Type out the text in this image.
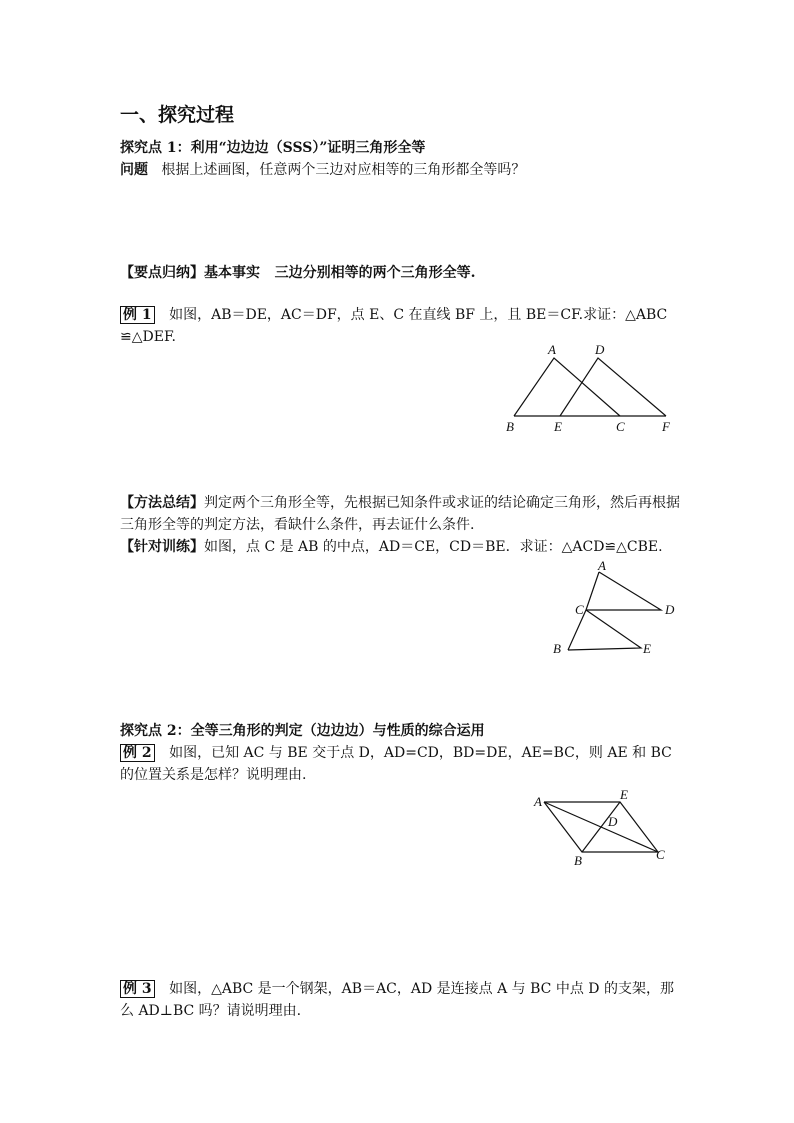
一、探究过程
探究点 1：利用“边边边（SSS）”证明三角形全等
问题 根据上述画图，任意两个三边对应相等的三角形都全等吗？
【要点归纳】基本事实 三边分别相等的两个三角形全等.
例 1 如图，AB＝DE，AC＝DF，点 E、C 在直线 BF 上，且 BE＝CF.求证：△ABC ≌△DEF.
A	D
B	E	C	F
【方法总结】判定两个三角形全等，先根据已知条件或求证的结论确定三角形，然后再根据三角形全等的判定方法，看缺什么条件，再去证什么条件.
【针对训练】如图，点 C 是 AB 的中点，AD＝CE，CD＝BE．求证：△ACD≌△CBE.
A
C	D
B	E
探究点 2：全等三角形的判定（边边边）与性质的综合运用
例 2 如图，已知 AC 与 BE 交于点 D，AD=CD，BD=DE，AE=BC，则 AE 和 BC 的位置关系是怎样？说明理由.
A	E
D
B	C
例 3 如图，△ABC 是一个钢架，AB＝AC，AD 是连接点 A 与 BC 中点 D 的支架，那么 AD⊥BC 吗？请说明理由.
